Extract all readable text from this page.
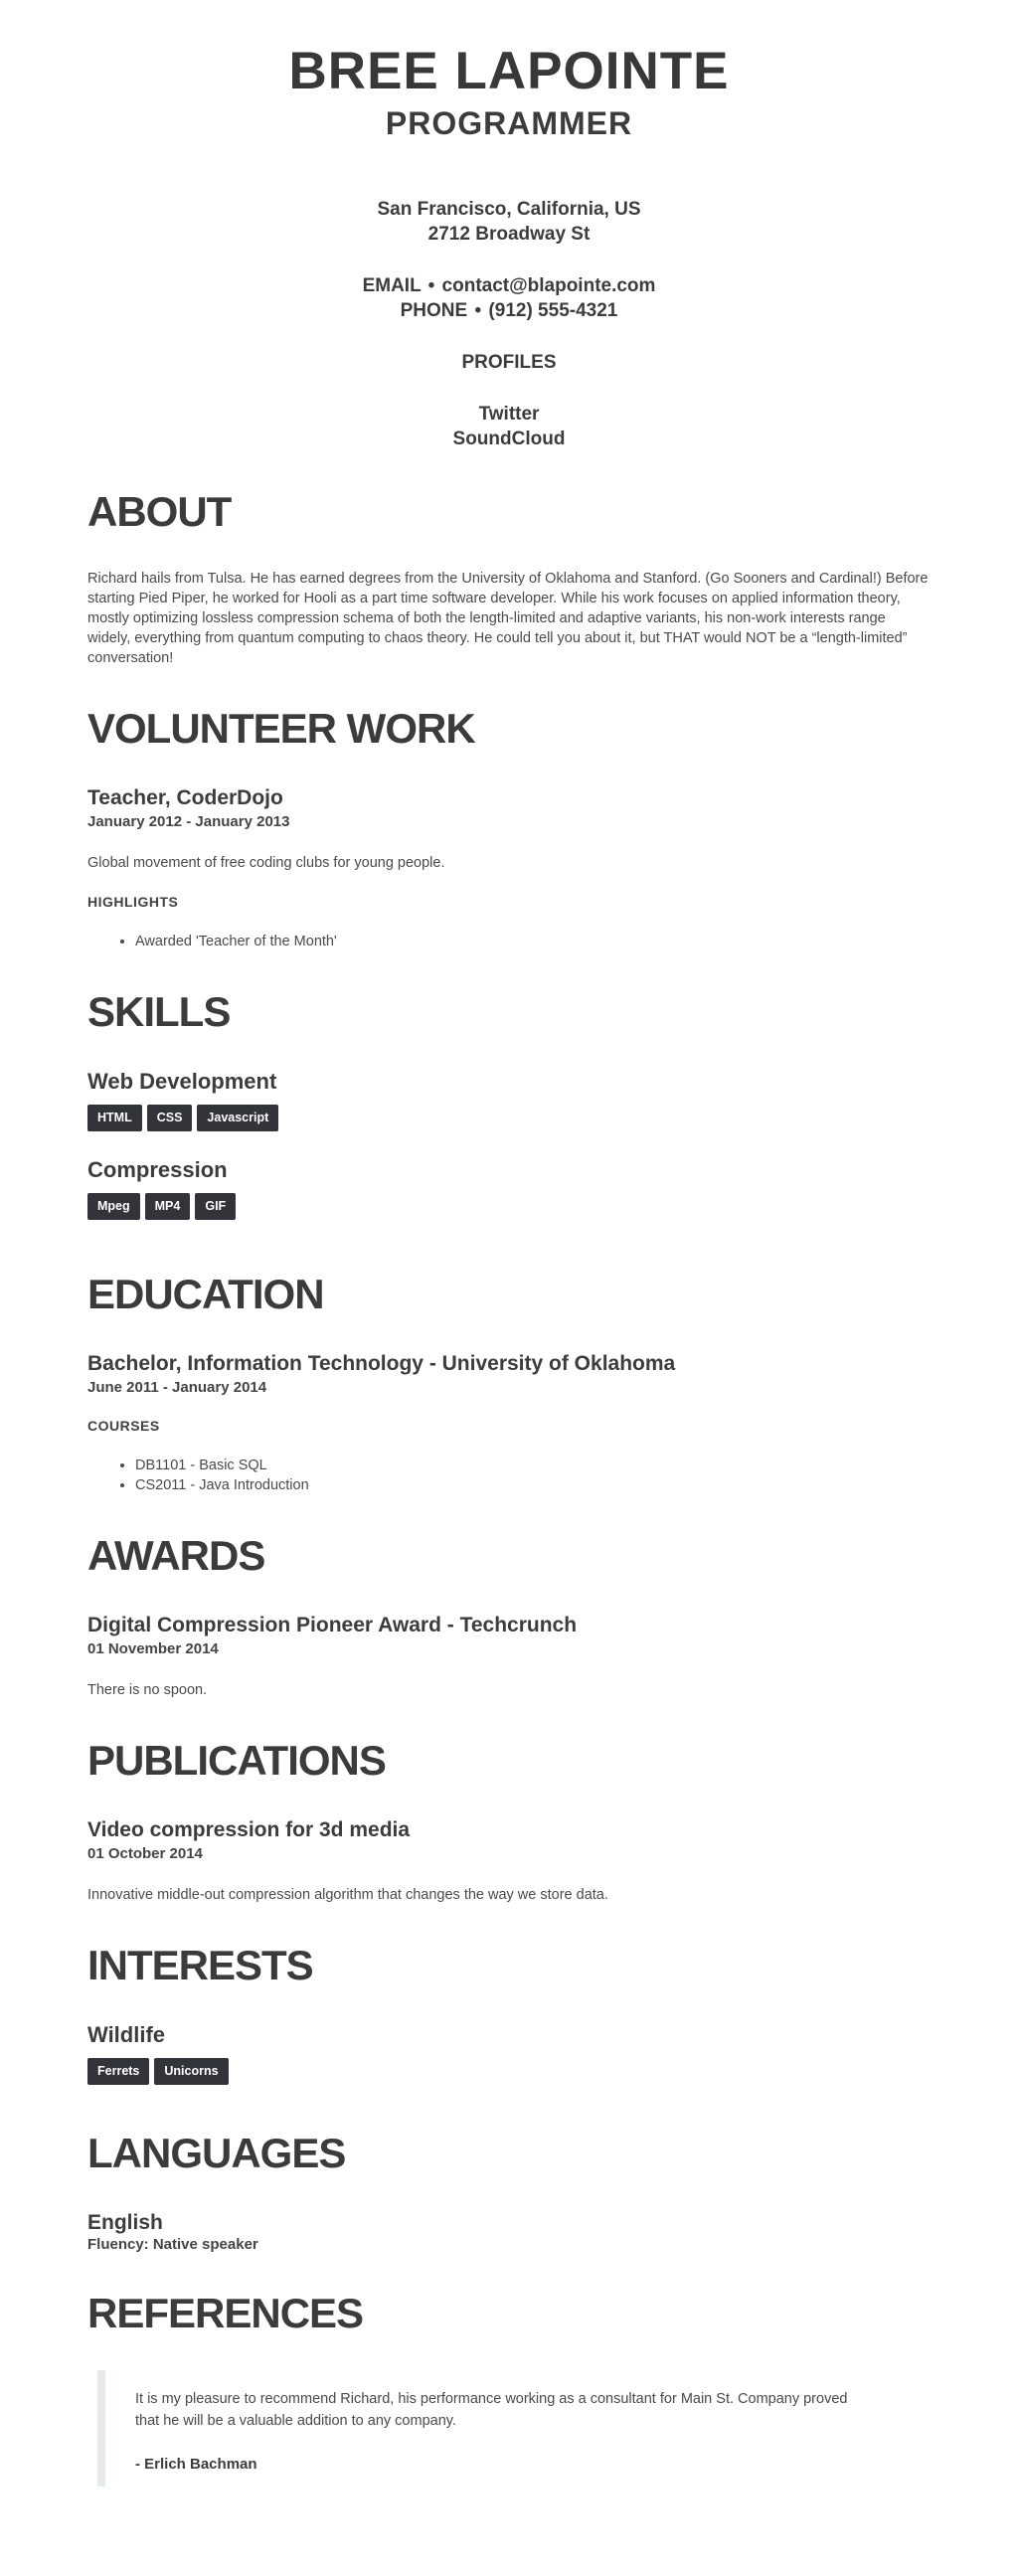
BREE LAPOINTE
PROGRAMMER

San Francisco, California, US

2712 Broadway St

EMAIL • contact@blapointe.com

PHONE • (912) 555-4321

PROFILES

Twitter

SoundCloud

ABOUT

Richard hails from Tulsa. He has earned degrees from the University of Oklahoma and Stanford. (Go Sooners and Cardinal!) Before starting Pied Piper, he worked for Hooli as a part time software developer. While his work focuses on applied information theory, mostly optimizing lossless compression schema of both the length-limited and adaptive variants, his non-work interests range widely, everything from quantum computing to chaos theory. He could tell you about it, but THAT would NOT be a “length-limited” conversation!

VOLUNTEER WORK
Teacher, CoderDojo
January 2012 - January 2013

Global movement of free coding clubs for young people.

HIGHLIGHTS
• Awarded 'Teacher of the Month'
SKILLS
Web Development
HTML	CSS	Javascript
Compression
Mpeg	MP4	GIF
EDUCATION
Bachelor, Information Technology - University of Oklahoma
June 2011 - January 2014
COURSES
• DB1101 - Basic SQL
• CS2011 - Java Introduction
AWARDS
Digital Compression Pioneer Award - Techcrunch
01 November 2014

There is no spoon.

PUBLICATIONS
Video compression for 3d media
01 October 2014

Innovative middle-out compression algorithm that changes the way we store data.

INTERESTS
Wildlife
Ferrets	Unicorns
LANGUAGES
English

Fluency: Native speaker

REFERENCES

It is my pleasure to recommend Richard, his performance working as a consultant for Main St. Company proved that he will be a valuable addition to any company.

- Erlich Bachman
